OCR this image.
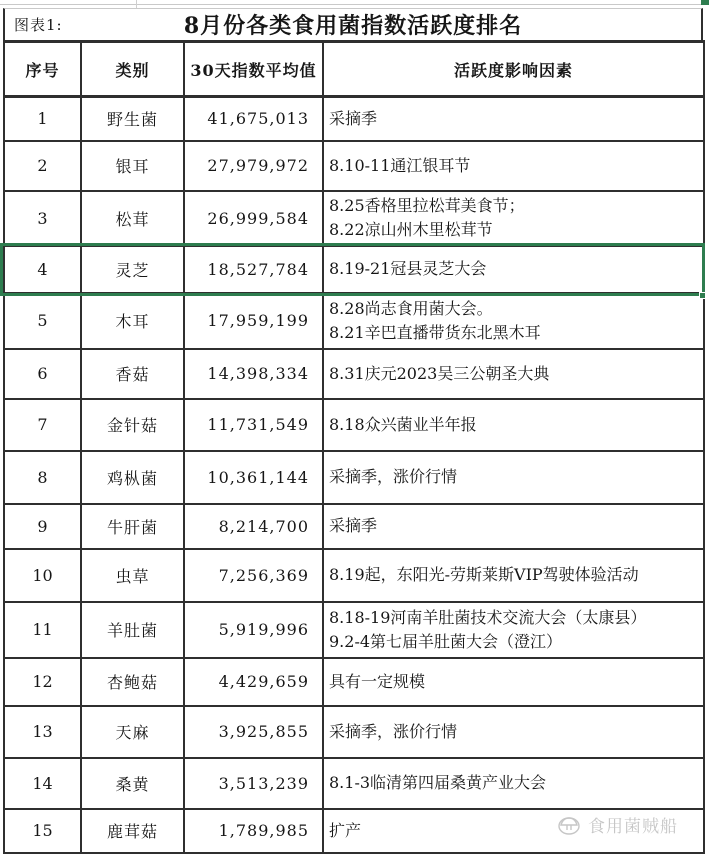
图表1:	8月份各类食用菌指数活跃度排名
序号	类别	30天指数平均值	活跃度影响因素
1	野生菌	41,675,013	采摘季

2	银耳	27,979,972	8.10-11通江银耳节

3	松茸	26,999,584	8.25香格里拉松茸美食节；
8.22凉山州木里松茸节

4	灵芝	18,527,784	8.19-21冠县灵芝大会

5	木耳	17,959,199	8.28尚志食用菌大会。
8.21辛巴直播带货东北黑木耳

6	香菇	14,398,334	8.31庆元2023吴三公朝圣大典

7	金针菇	11,731,549	8.18众兴菌业半年报

8	鸡枞菌	10,361,144	采摘季，涨价行情

9	牛肝菌	8,214,700	采摘季

10	虫草	7,256,369	8.19起，东阳光-劳斯莱斯VIP驾驶体验活动

11	羊肚菌	5,919,996	8.18-19河南羊肚菌技术交流大会（太康县）
9.2-4第七届羊肚菌大会（澄江）

12	杏鲍菇	4,429,659	具有一定规模

13	天麻	3,925,855	采摘季，涨价行情

14	桑黄	3,513,239	8.1-3临清第四届桑黄产业大会

15	鹿茸菇	1,789,985	扩产	食用菌贼船
